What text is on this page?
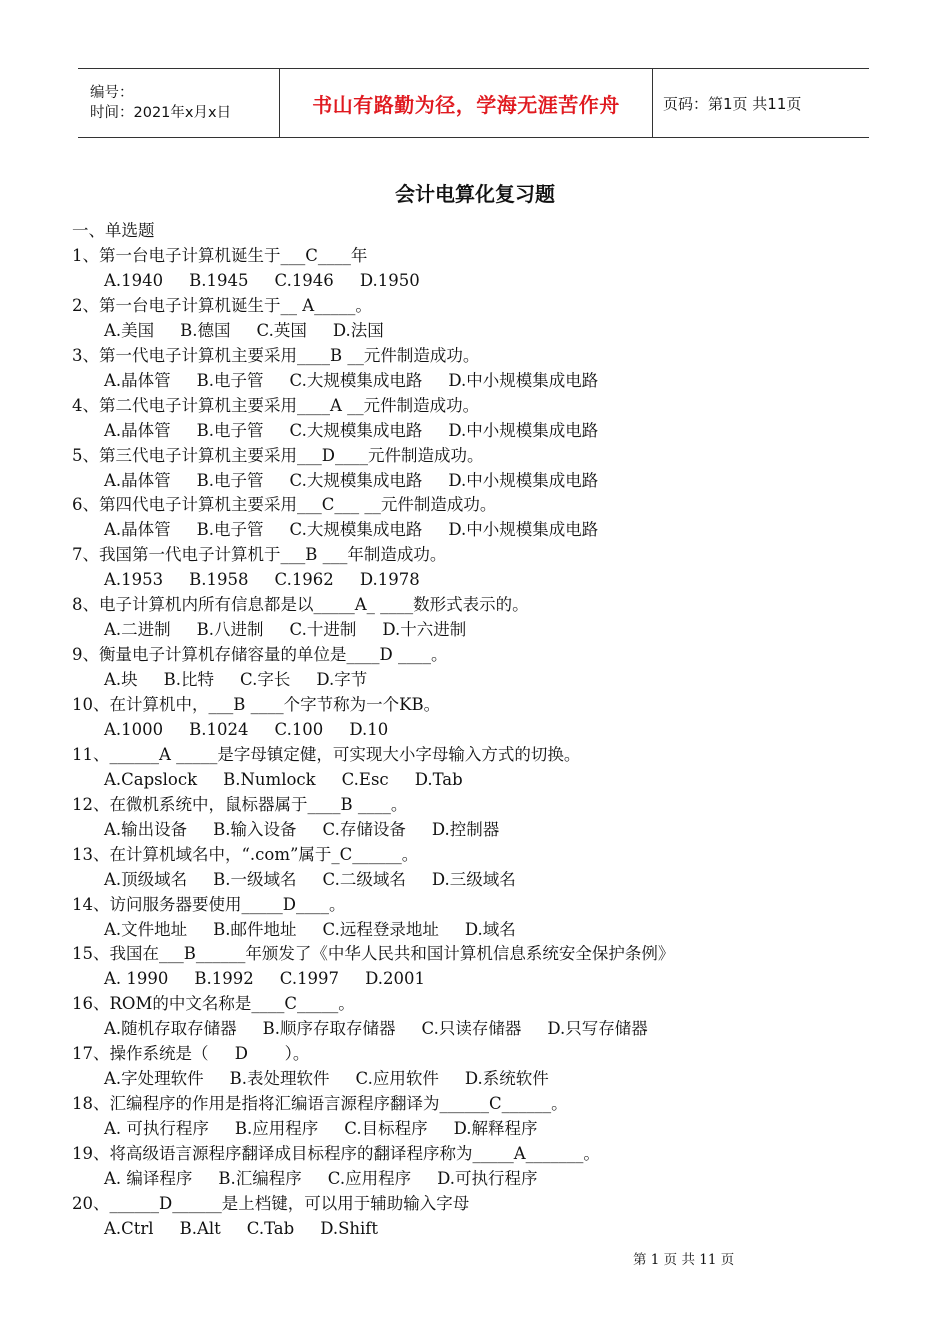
编号：
时间：2021年x月x日	书山有路勤为径，学海无涯苦作舟	页码：第1页 共11页
会计电算化复习题
一、单选题
1、第一台电子计算机诞生于___C____年
A.1940 B.1945 C.1946 D.1950
2、第一台电子计算机诞生于__ A_____。
A.美国 B.德国 C.英国 D.法国
3、第一代电子计算机主要采用____B __元件制造成功。
A.晶体管 B.电子管 C.大规模集成电路 D.中小规模集成电路
4、第二代电子计算机主要采用____A __元件制造成功。
A.晶体管 B.电子管 C.大规模集成电路 D.中小规模集成电路
5、第三代电子计算机主要采用___D____元件制造成功。
A.晶体管 B.电子管 C.大规模集成电路 D.中小规模集成电路
6、第四代电子计算机主要采用___C___ __元件制造成功。
A.晶体管 B.电子管 C.大规模集成电路 D.中小规模集成电路
7、我国第一代电子计算机于___B ___年制造成功。
A.1953 B.1958 C.1962 D.1978
8、电子计算机内所有信息都是以_____A_ ____数形式表示的。
A.二进制 B.八进制 C.十进制 D.十六进制
9、衡量电子计算机存储容量的单位是____D ____。
A.块 B.比特 C.字长 D.字节
10、在计算机中，___B ____个字节称为一个KB。
A.1000 B.1024 C.100 D.10
11、______A _____是字母镇定健，可实现大小字母输入方式的切换。
A.Capslock B.Numlock C.Esc D.Tab
12、在微机系统中，鼠标器属于____B ____。
A.输出设备 B.输入设备 C.存储设备 D.控制器
13、在计算机域名中，“.com”属于_C______。
A.顶级域名 B.一级域名 C.二级域名 D.三级域名
14、访问服务器要使用_____D____。
A.文件地址 B.邮件地址 C.远程登录地址 D.域名
15、我国在___B______年颁发了《中华人民共和国计算机信息系统安全保护条例》
A. 1990 B.1992 C.1997 D.2001
16、ROM的中文名称是____C_____。
A.随机存取存储器 B.顺序存取存储器 C.只读存储器 D.只写存储器
17、操作系统是（     D       ）。
A.字处理软件 B.表处理软件 C.应用软件 D.系统软件
18、汇编程序的作用是指将汇编语言源程序翻译为______C______。
A. 可执行程序 B.应用程序 C.目标程序 D.解释程序
19、将高级语言源程序翻译成目标程序的翻译程序称为_____A_______。
A. 编译程序 B.汇编程序 C.应用程序 D.可执行程序
20、______D______是上档键，可以用于辅助输入字母
A.Ctrl B.Alt C.Tab D.Shift
第 1 页 共 11 页
